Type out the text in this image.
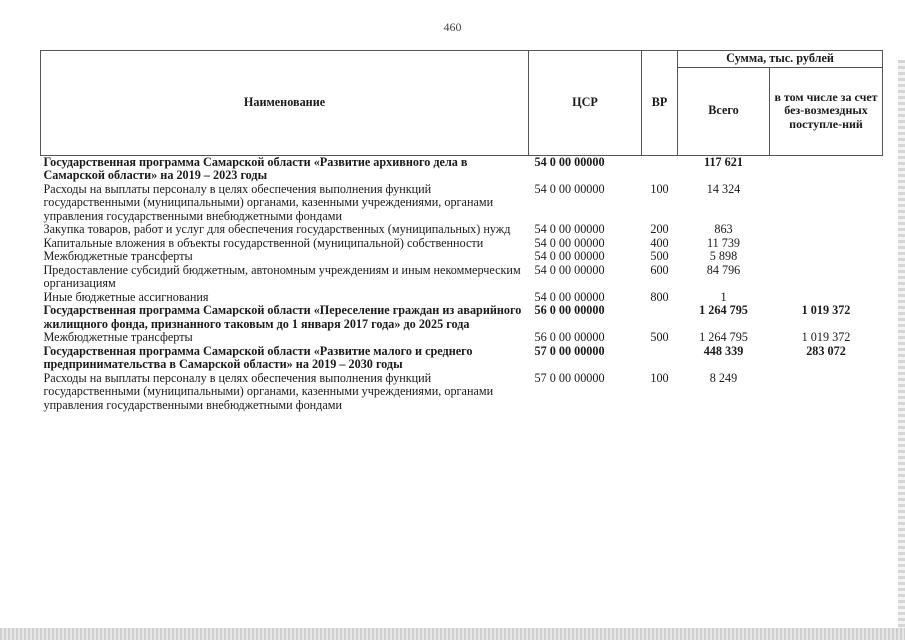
460
Наименование	ЦСР	ВР	Сумма, тыс. рублей	
			Всего	в том числе за счет без-возмездных поступле-ний
Государственная программа Самарской области «Развитие архивного дела в Самарской области» на 2019 – 2023 годы	54 0 00 00000		117 621	
Расходы на выплаты персоналу в целях обеспечения выполнения функций государственными (муниципальными) органами, казенными учреждениями, органами управления государственными внебюджетными фондами	54 0 00 00000	100	14 324	
Закупка товаров, работ и услуг для обеспечения государственных (муниципальных) нужд	54 0 00 00000	200	863	
Капитальные вложения в объекты государственной (муниципальной) собственности	54 0 00 00000	400	11 739	
Межбюджетные трансферты	54 0 00 00000	500	5 898	
Предоставление субсидий бюджетным, автономным учреждениям и иным некоммерческим организациям	54 0 00 00000	600	84 796	
Иные бюджетные ассигнования	54 0 00 00000	800	1	
Государственная программа Самарской области «Переселение граждан из аварийного жилищного фонда, признанного таковым до 1 января 2017 года» до 2025 года	56 0 00 00000		1 264 795	1 019 372
Межбюджетные трансферты	56 0 00 00000	500	1 264 795	1 019 372
Государственная программа Самарской области «Развитие малого и среднего предпринимательства в Самарской области» на 2019 – 2030 годы	57 0 00 00000		448 339	283 072
Расходы на выплаты персоналу в целях обеспечения выполнения функций государственными (муниципальными) органами, казенными учреждениями, органами управления государственными внебюджетными фондами	57 0 00 00000	100	8 249	
